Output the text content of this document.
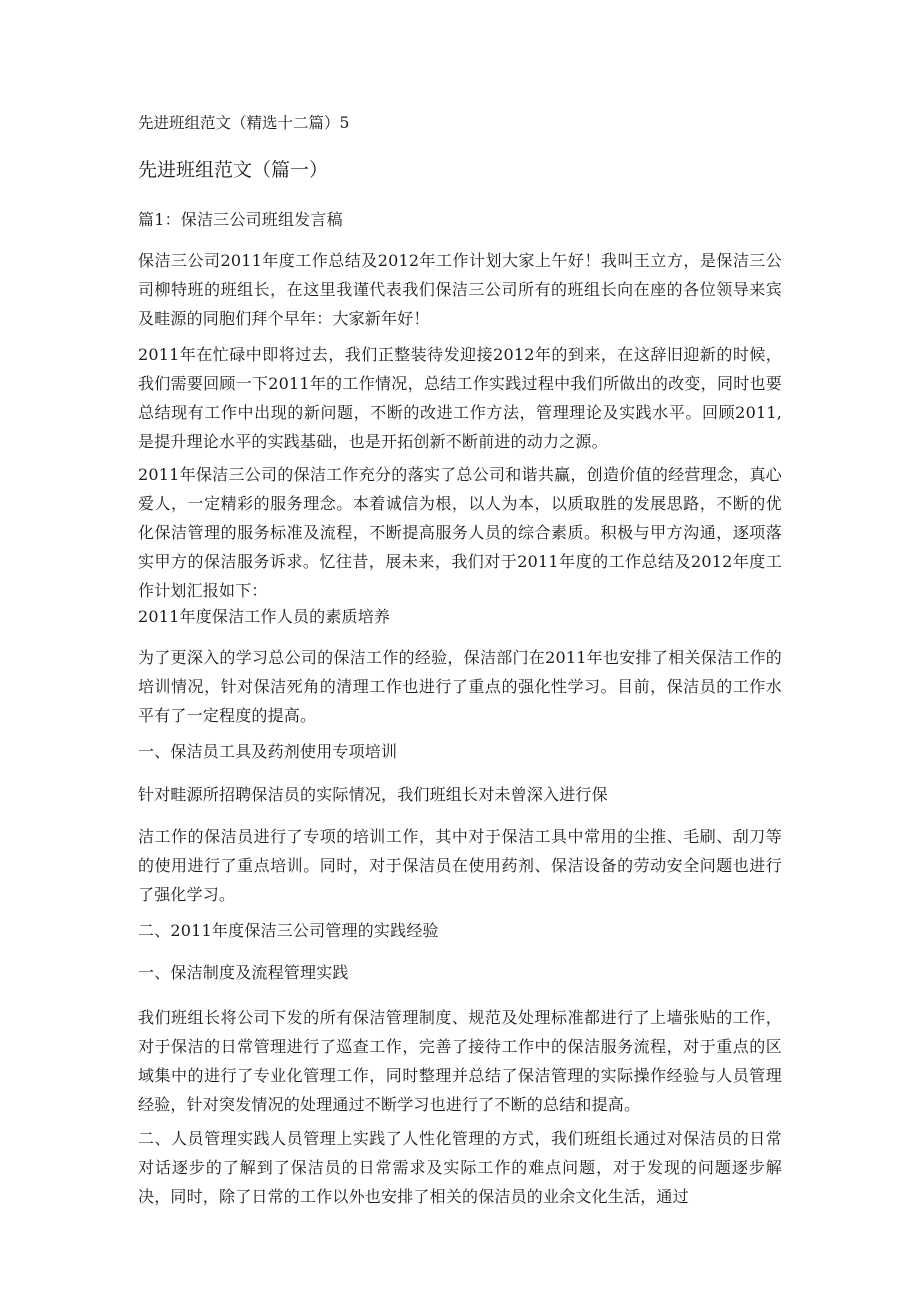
先进班组范文（精选十二篇）5
先进班组范文（篇一）

篇1：保洁三公司班组发言稿

保洁三公司2011年度工作总结及2012年工作计划大家上午好！我叫王立方，是保洁三公司柳特班的班组长，在这里我谨代表我们保洁三公司所有的班组长向在座的各位领导来宾及畦源的同胞们拜个早年：大家新年好！

2011年在忙碌中即将过去，我们正整装待发迎接2012年的到来，在这辞旧迎新的时候，我们需要回顾一下2011年的工作情况，总结工作实践过程中我们所做出的改变，同时也要总结现有工作中出现的新问题，不断的改进工作方法，管理理论及实践水平。回顾2011,是提升理论水平的实践基础，也是开拓创新不断前进的动力之源。

2011年保洁三公司的保洁工作充分的落实了总公司和谐共赢，创造价值的经营理念，真心爱人，一定精彩的服务理念。本着诚信为根，以人为本，以质取胜的发展思路，不断的优化保洁管理的服务标准及流程，不断提高服务人员的综合素质。积极与甲方沟通，逐项落实甲方的保洁服务诉求。忆往昔，展未来，我们对于2011年度的工作总结及2012年度工作计划汇报如下：

2011年度保洁工作人员的素质培养

为了更深入的学习总公司的保洁工作的经验，保洁部门在2011年也安排了相关保洁工作的培训情况，针对保洁死角的清理工作也进行了重点的强化性学习。目前，保洁员的工作水平有了一定程度的提高。

一、保洁员工具及药剂使用专项培训

针对畦源所招聘保洁员的实际情况，我们班组长对未曾深入进行保

洁工作的保洁员进行了专项的培训工作，其中对于保洁工具中常用的尘推、毛刷、刮刀等的使用进行了重点培训。同时，对于保洁员在使用药剂、保洁设备的劳动安全问题也进行了强化学习。

二、2011年度保洁三公司管理的实践经验

一、保洁制度及流程管理实践

我们班组长将公司下发的所有保洁管理制度、规范及处理标准都进行了上墙张贴的工作，对于保洁的日常管理进行了巡查工作，完善了接待工作中的保洁服务流程，对于重点的区域集中的进行了专业化管理工作，同时整理并总结了保洁管理的实际操作经验与人员管理经验，针对突发情况的处理通过不断学习也进行了不断的总结和提高。

二、人员管理实践人员管理上实践了人性化管理的方式，我们班组长通过对保洁员的日常对话逐步的了解到了保洁员的日常需求及实际工作的难点问题，对于发现的问题逐步解决，同时，除了日常的工作以外也安排了相关的保洁员的业余文化生活，通过
